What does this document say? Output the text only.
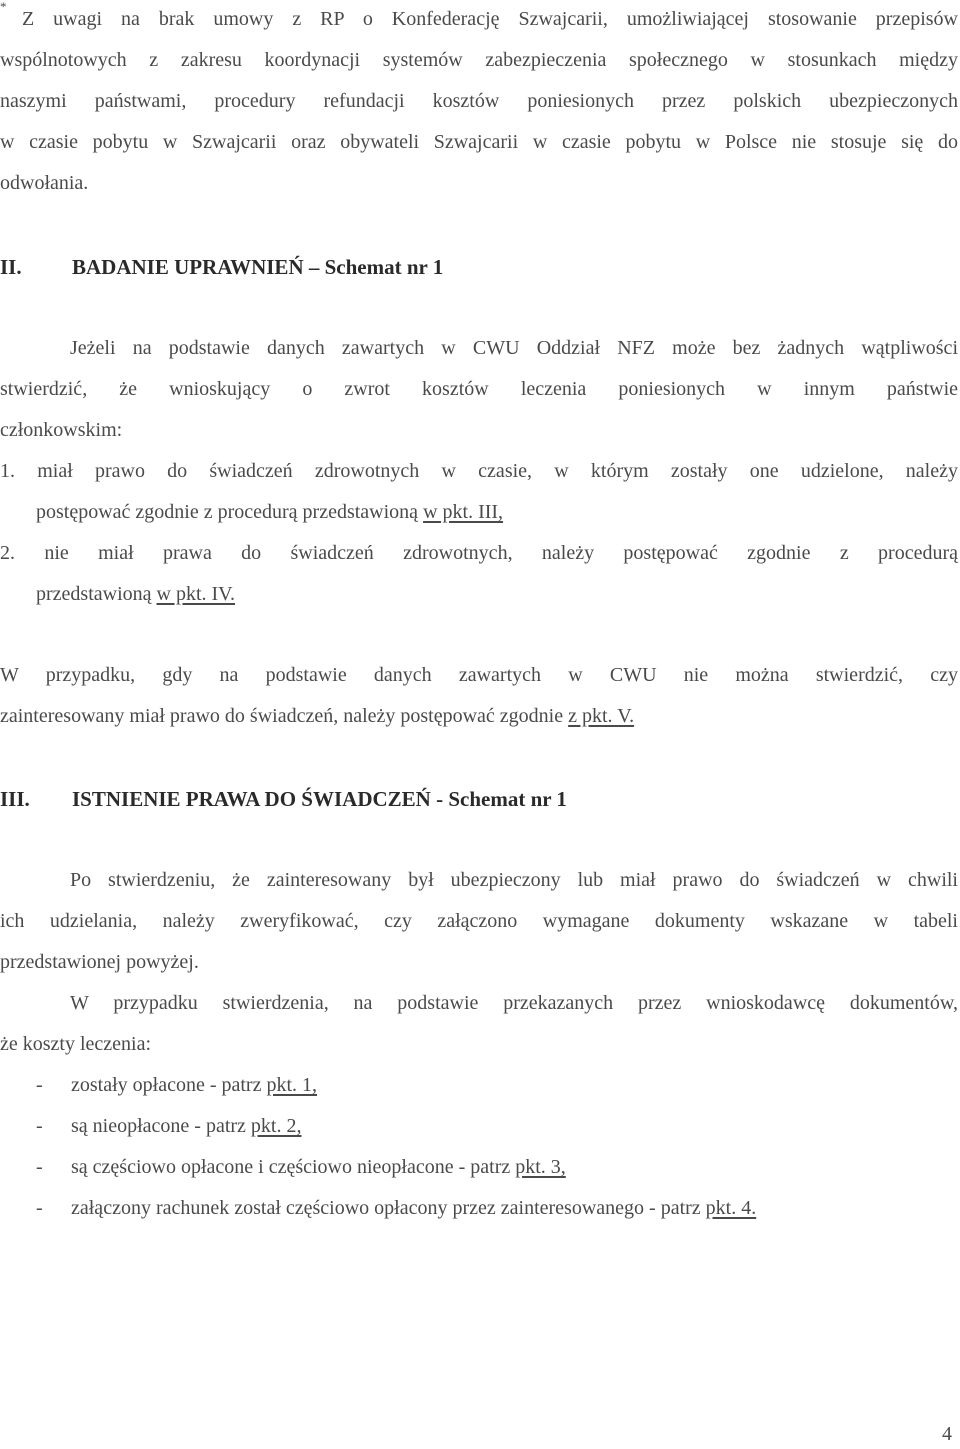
*
Z uwagi na brak umowy z RP o Konfederację Szwajcarii, umożliwiającej stosowanie przepisów
wspólnotowych z zakresu koordynacji systemów zabezpieczenia społecznego w stosunkach między
naszymi państwami, procedury refundacji kosztów poniesionych przez polskich ubezpieczonych
w czasie pobytu w Szwajcarii oraz obywateli Szwajcarii w czasie pobytu w Polsce nie stosuje się do
odwołania.
II. BADANIE UPRAWNIEŃ – Schemat nr 1
Jeżeli na podstawie danych zawartych w CWU Oddział NFZ może bez żadnych wątpliwości
stwierdzić, że wnioskujący o zwrot kosztów leczenia poniesionych w innym państwie
członkowskim:
1. miał prawo do świadczeń zdrowotnych w czasie, w którym zostały one udzielone, należy
postępować zgodnie z procedurą przedstawioną w pkt. III,
2. nie miał prawa do świadczeń zdrowotnych, należy postępować zgodnie z procedurą
przedstawioną w pkt. IV.
W przypadku, gdy na podstawie danych zawartych w CWU nie można stwierdzić, czy
zainteresowany miał prawo do świadczeń, należy postępować zgodnie z pkt. V.
III. ISTNIENIE PRAWA DO ŚWIADCZEŃ - Schemat nr 1
Po stwierdzeniu, że zainteresowany był ubezpieczony lub miał prawo do świadczeń w chwili
ich udzielania, należy zweryfikować, czy załączono wymagane dokumenty wskazane w tabeli
przedstawionej powyżej.
W przypadku stwierdzenia, na podstawie przekazanych przez wnioskodawcę dokumentów,
że koszty leczenia:
-	zostały opłacone - patrz pkt. 1,
-	są nieopłacone - patrz pkt. 2,
-	są częściowo opłacone i częściowo nieopłacone - patrz pkt. 3,
-	załączony rachunek został częściowo opłacony przez zainteresowanego - patrz pkt. 4.
4
